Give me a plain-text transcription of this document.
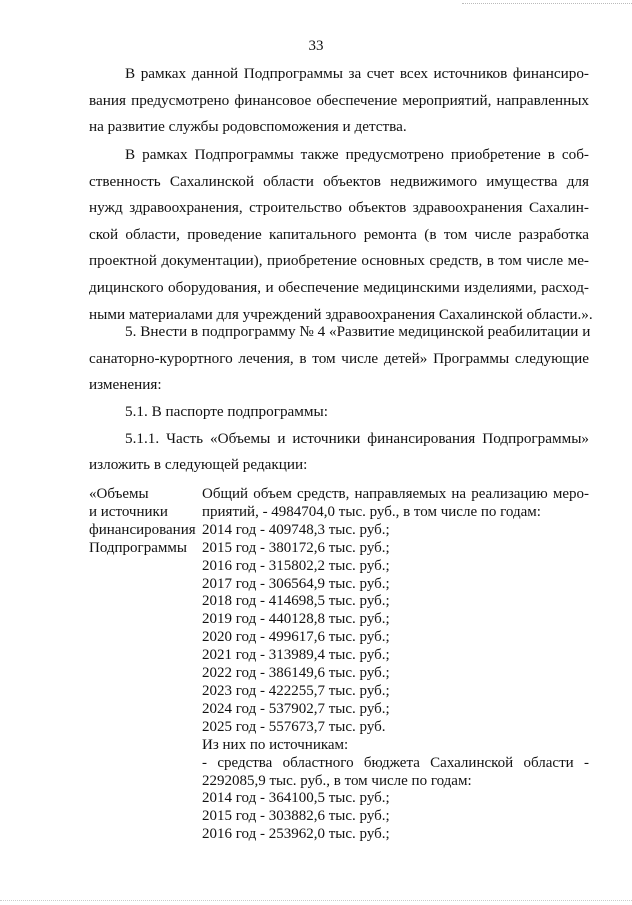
33
В рамках данной Подпрограммы за счет всех источников финансиро-
вания предусмотрено финансовое обеспечение мероприятий, направленных
на развитие службы родовспоможения и детства.
В рамках Подпрограммы также предусмотрено приобретение в соб-
ственность Сахалинской области объектов недвижимого имущества для
нужд здравоохранения, строительство объектов здравоохранения Сахалин-
ской области, проведение капитального ремонта (в том числе разработка
проектной документации), приобретение основных средств, в том числе ме-
дицинского оборудования, и обеспечение медицинскими изделиями, расход-
ными материалами для учреждений здравоохранения Сахалинской области.».
5. Внести в подпрограмму № 4 «Развитие медицинской реабилитации и
санаторно-курортного лечения, в том числе детей» Программы следующие
изменения:
5.1. В паспорте подпрограммы:
5.1.1. Часть «Объемы и источники финансирования Подпрограммы»
изложить в следующей редакции:
«Объемы
и источники
финансирования
Подпрограммы
Общий объем средств, направляемых на реализацию меро-
приятий, - 4984704,0 тыс. руб., в том числе по годам:
2014 год - 409748,3 тыс. руб.;
2015 год - 380172,6 тыс. руб.;
2016 год - 315802,2 тыс. руб.;
2017 год - 306564,9 тыс. руб.;
2018 год - 414698,5 тыс. руб.;
2019 год - 440128,8 тыс. руб.;
2020 год - 499617,6 тыс. руб.;
2021 год - 313989,4 тыс. руб.;
2022 год - 386149,6 тыс. руб.;
2023 год - 422255,7 тыс. руб.;
2024 год - 537902,7 тыс. руб.;
2025 год - 557673,7 тыс. руб.
Из них по источникам:
- средства областного бюджета Сахалинской области -
2292085,9 тыс. руб., в том числе по годам:
2014 год - 364100,5 тыс. руб.;
2015 год - 303882,6 тыс. руб.;
2016 год - 253962,0 тыс. руб.;
